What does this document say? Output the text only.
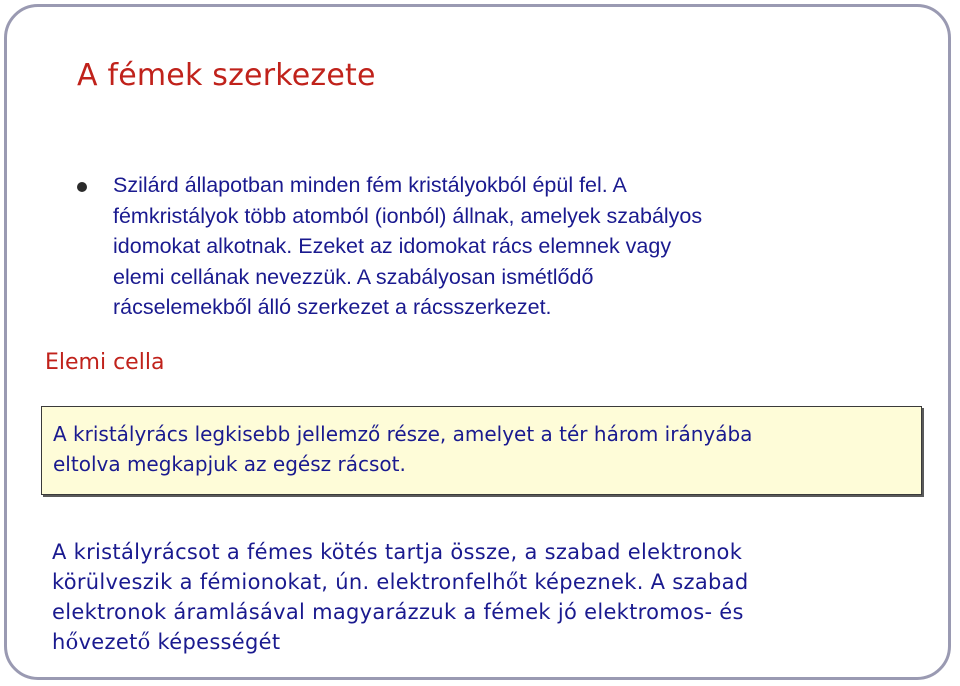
A fémek szerkezete
Szilárd állapotban minden fém kristályokból épül fel. A
fémkristályok több atomból (ionból) állnak, amelyek szabályos
idomokat alkotnak. Ezeket az idomokat rács elemnek vagy
elemi cellának nevezzük. A szabályosan ismétlődő
rácselemekből álló szerkezet a rácsszerkezet.
Elemi cella
A kristályrács legkisebb jellemző része, amelyet a tér három irányába
eltolva megkapjuk az egész rácsot.
A kristályrácsot a fémes kötés tartja össze, a szabad elektronok
körülveszik a fémionokat, ún. elektronfelhőt képeznek. A szabad
elektronok áramlásával magyarázzuk a fémek jó elektromos- és
hővezető képességét
